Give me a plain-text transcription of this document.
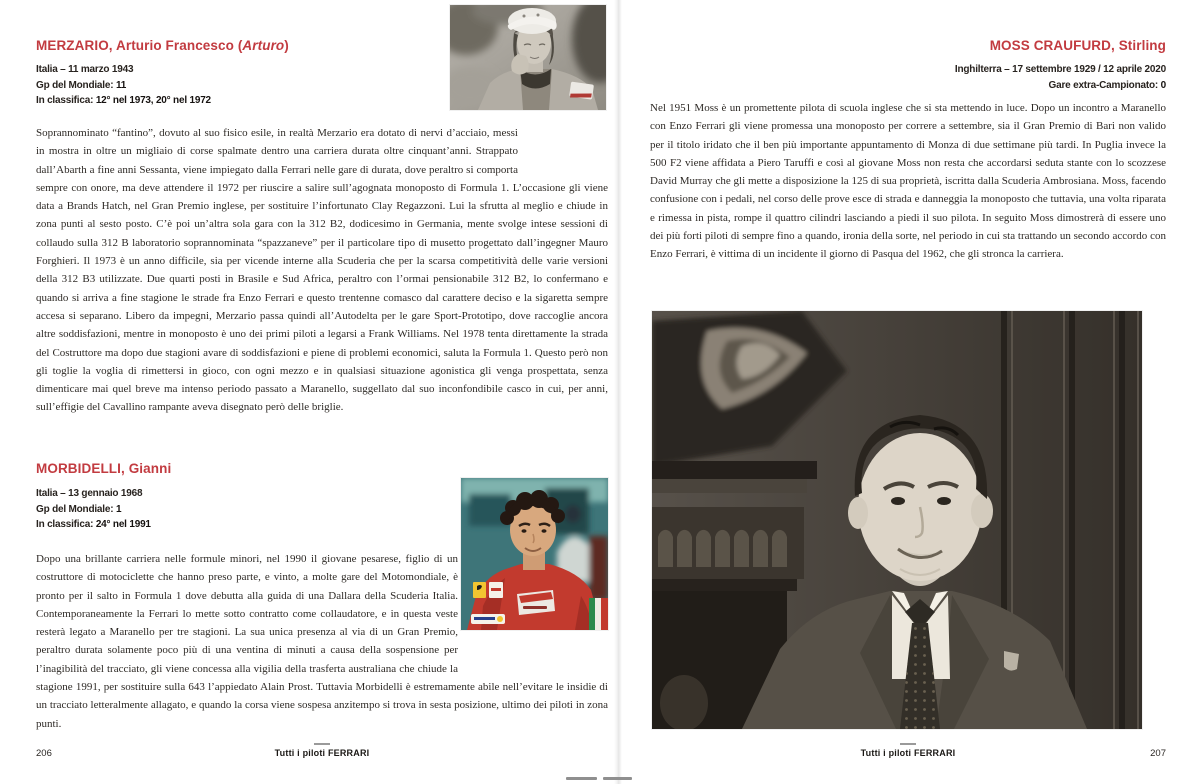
MERZARIO, Arturio Francesco (Arturo)
Italia – 11 marzo 1943
Gp del Mondiale: 11
In classifica: 12° nel 1973, 20° nel 1972

Soprannominato “fantino”, dovuto al suo fisico esile, in realtà Merzario era dotato di nervi d’acciaio, messi in mostra in oltre un migliaio di corse spalmate dentro una carriera durata oltre cinquant’anni. Strappato dall’Abarth a fine anni Sessanta, viene impiegato dalla Ferrari nelle gare di durata, dove peraltro si comporta sempre con onore, ma deve attendere il 1972 per riuscire a salire sull’agognata monoposto di Formula 1. L’occasione gli viene data a Brands Hatch, nel Gran Premio inglese, per sostituire l’infortunato Clay Regazzoni. Lui la sfrutta al meglio e chiude in zona punti al sesto posto. C’è poi un’altra sola gara con la 312 B2, dodicesimo in Germania, mente svolge intese sessioni di collaudo sulla 312 B laboratorio soprannominata “spazzaneve” per il particolare tipo di musetto progettato dall’ingegner Mauro Forghieri. Il 1973 è un anno difficile, sia per vicende interne alla Scuderia che per la scarsa competitività delle varie versioni della 312 B3 utilizzate. Due quarti posti in Brasile e Sud Africa, peraltro con l’ormai pensionabile 312 B2, lo confermano e quando si arriva a fine stagione le strade fra Enzo Ferrari e questo trentenne comasco dal carattere deciso e la sigaretta sempre accesa si separano. Libero da impegni, Merzario passa quindi all’Autodelta per le gare Sport-Prototipo, dove raccoglie ancora altre soddisfazioni, mentre in monoposto è uno dei primi piloti a legarsi a Frank Williams. Nel 1978 tenta direttamente la strada del Costruttore ma dopo due stagioni avare di soddisfazioni e piene di problemi economici, saluta la Formula 1. Questo però non gli toglie la voglia di rimettersi in gioco, con ogni mezzo e in qualsiasi situazione agonistica gli venga prospettata, senza dimenticare mai quel breve ma intenso periodo passato a Maranello, suggellato dal suo inconfondibile casco in cui, per anni, sull’effigie del Cavallino rampante aveva disegnato però delle briglie.

MORBIDELLI, Gianni
Italia – 13 gennaio 1968
Gp del Mondiale: 1
In classifica: 24° nel 1991

Dopo una brillante carriera nelle formule minori, nel 1990 il giovane pesarese, figlio di un costruttore di motociclette che hanno preso parte, e vinto, a molte gare del Motomondiale, è pronto per il salto in Formula 1 dove debutta alla guida di una Dallara della Scuderia Italia. Contemporaneamente la Ferrari lo mette sotto contratto come collaudatore, e in questa veste resterà legato a Maranello per tre stagioni. La sua unica presenza al via di un Gran Premio, peraltro durata solamente poco più di una ventina di minuti a causa della sospensione per l’inagibilità del tracciato, gli viene concessa alla vigilia della trasferta australiana che chiude la stagione 1991, per sostituire sulla 643 l’appiedato Alain Prost. Tuttavia Morbidelli è estremamente abile nell’evitare le insidie di un tracciato letteralmente allagato, e quando la corsa viene sospesa anzitempo si trova in sesta posizione, ultimo dei piloti in zona punti.

Tutti i piloti FERRARI
206
MOSS CRAUFURD, Stirling
Inghilterra – 17 settembre 1929 / 12 aprile 2020
Gare extra-Campionato: 0

Nel 1951 Moss è un promettente pilota di scuola inglese che si sta mettendo in luce. Dopo un incontro a Maranello con Enzo Ferrari gli viene promessa una monoposto per correre a settembre, sia il Gran Premio di Bari non valido per il titolo iridato che il ben più importante appuntamento di Monza di due settimane più tardi. In Puglia invece la 500 F2 viene affidata a Piero Taruffi e così al giovane Moss non resta che accordarsi seduta stante con lo scozzese David Murray che gli mette a disposizione la 125 di sua proprietà, iscritta dalla Scuderia Ambrosiana. Moss, facendo confusione con i pedali, nel corso delle prove esce di strada e danneggia la monoposto che tuttavia, una volta riparata e rimessa in pista, rompe il quattro cilindri lasciando a piedi il suo pilota. In seguito Moss dimostrerà di essere uno dei più forti piloti di sempre fino a quando, ironia della sorte, nel periodo in cui sta trattando un secondo accordo con Enzo Ferrari, è vittima di un incidente il giorno di Pasqua del 1962, che gli stronca la carriera.

Tutti i piloti FERRARI	207
